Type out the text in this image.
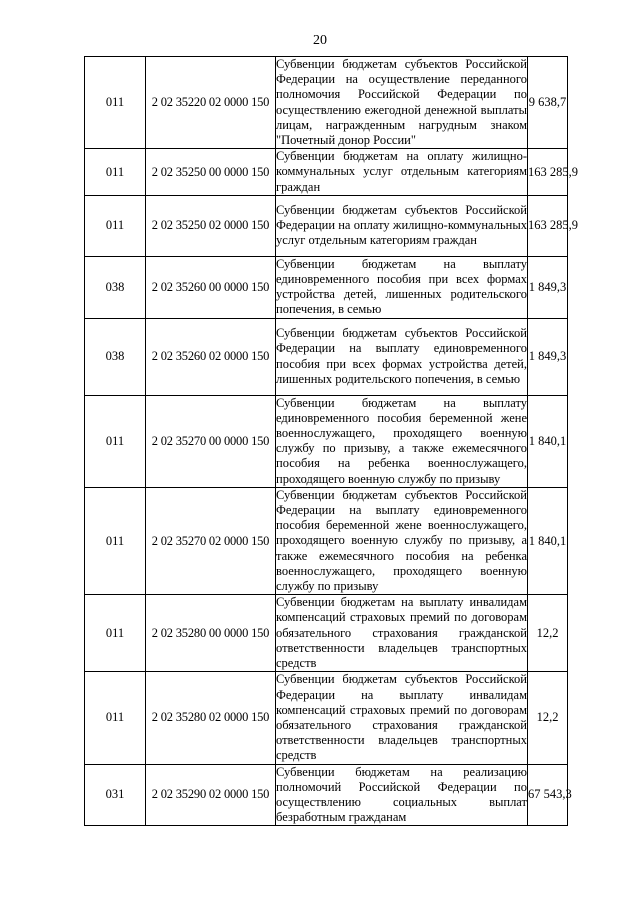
20
011	2 02 35220 02 0000 150	Субвенции бюджетам субъектов Российской Федерации на осуществление переданного полномочия Российской Федерации по осуществлению ежегодной денежной выплаты лицам, награжденным нагрудным знаком "Почетный донор России"	9 638,7
011	2 02 35250 00 0000 150	Субвенции бюджетам на оплату жилищно-коммунальных услуг отдельным категориям граждан	163 285,9
011	2 02 35250 02 0000 150	Субвенции бюджетам субъектов Российской Федерации на оплату жилищно-коммунальных услуг отдельным категориям граждан	163 285,9
038	2 02 35260 00 0000 150	Субвенции бюджетам на выплату единовременного пособия при всех формах устройства детей, лишенных родительского попечения, в семью	1 849,3
038	2 02 35260 02 0000 150	Субвенции бюджетам субъектов Российской Федерации на выплату единовременного пособия при всех формах устройства детей, лишенных родительского попечения, в семью	1 849,3
011	2 02 35270 00 0000 150	Субвенции бюджетам на выплату единовременного пособия беременной жене военнослужащего, проходящего военную службу по призыву, а также ежемесячного пособия на ребенка военнослужащего, проходящего военную службу по призыву	1 840,1
011	2 02 35270 02 0000 150	Субвенции бюджетам субъектов Российской Федерации на выплату единовременного пособия беременной жене военнослужащего, проходящего военную службу по призыву, а также ежемесячного пособия на ребенка военнослужащего, проходящего военную службу по призыву	1 840,1
011	2 02 35280 00 0000 150	Субвенции бюджетам на выплату инвалидам компенсаций страховых премий по договорам обязательного страхования гражданской ответственности владельцев транспортных средств	12,2
011	2 02 35280 02 0000 150	Субвенции бюджетам субъектов Российской Федерации на выплату инвалидам компенсаций страховых премий по договорам обязательного страхования гражданской ответственности владельцев транспортных средств	12,2
031	2 02 35290 02 0000 150	Субвенции бюджетам на реализацию полномочий Российской Федерации по осуществлению социальных выплат безработным гражданам	67 543,3
